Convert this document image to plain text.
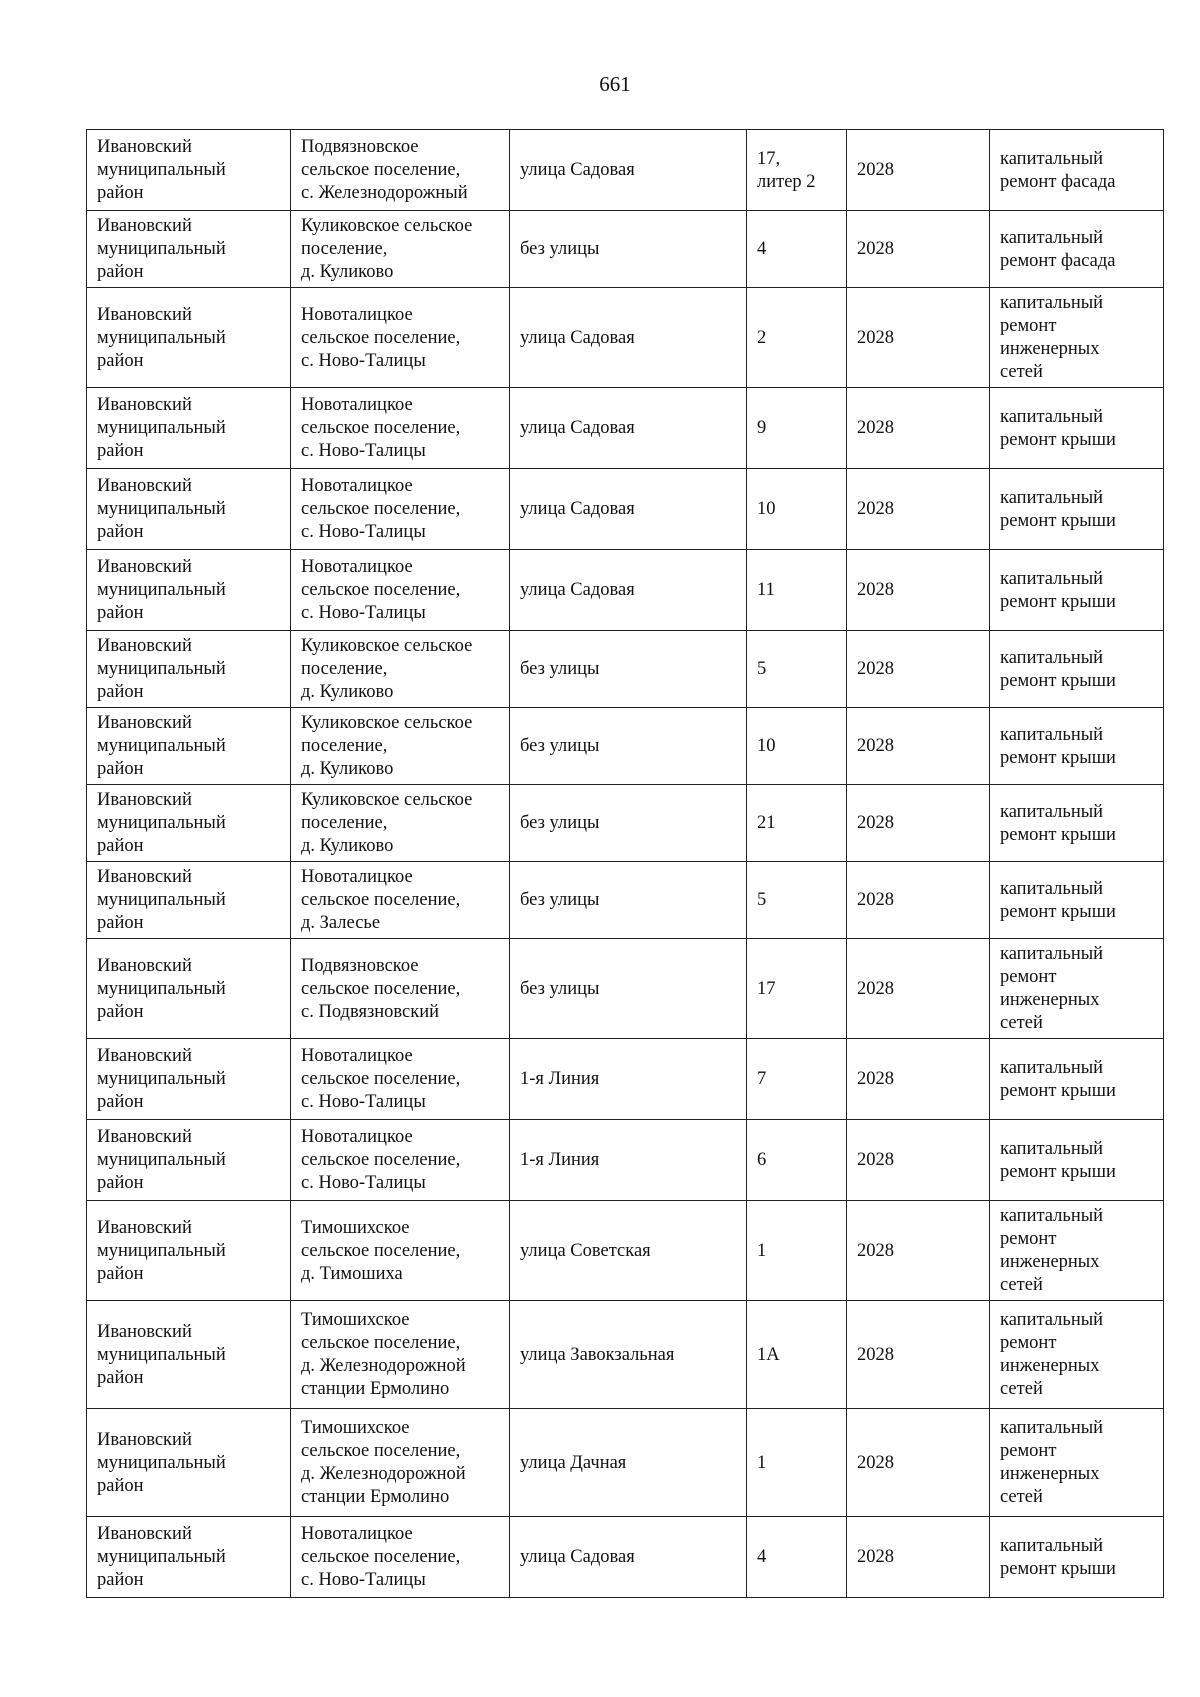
661
Ивановский
муниципальный
район	Подвязновское
сельское поселение,
с. Железнодорожный	улица Садовая	17,
литер 2	2028	капитальный
ремонт фасада

Ивановский
муниципальный
район	Куликовское сельское
поселение,
д. Куликово	без улицы	4	2028	капитальный
ремонт фасада

Ивановский
муниципальный
район	Новоталицкое
сельское поселение,
с. Ново-Талицы	улица Садовая	2	2028	капитальный
ремонт
инженерных
сетей

Ивановский
муниципальный
район	Новоталицкое
сельское поселение,
с. Ново-Талицы	улица Садовая	9	2028	капитальный
ремонт крыши

Ивановский
муниципальный
район	Новоталицкое
сельское поселение,
с. Ново-Талицы	улица Садовая	10	2028	капитальный
ремонт крыши

Ивановский
муниципальный
район	Новоталицкое
сельское поселение,
с. Ново-Талицы	улица Садовая	11	2028	капитальный
ремонт крыши

Ивановский
муниципальный
район	Куликовское сельское
поселение,
д. Куликово	без улицы	5	2028	капитальный
ремонт крыши

Ивановский
муниципальный
район	Куликовское сельское
поселение,
д. Куликово	без улицы	10	2028	капитальный
ремонт крыши

Ивановский
муниципальный
район	Куликовское сельское
поселение,
д. Куликово	без улицы	21	2028	капитальный
ремонт крыши

Ивановский
муниципальный
район	Новоталицкое
сельское поселение,
д. Залесье	без улицы	5	2028	капитальный
ремонт крыши

Ивановский
муниципальный
район	Подвязновское
сельское поселение,
с. Подвязновский	без улицы	17	2028	капитальный
ремонт
инженерных
сетей

Ивановский
муниципальный
район	Новоталицкое
сельское поселение,
с. Ново-Талицы	1-я Линия	7	2028	капитальный
ремонт крыши

Ивановский
муниципальный
район	Новоталицкое
сельское поселение,
с. Ново-Талицы	1-я Линия	6	2028	капитальный
ремонт крыши

Ивановский
муниципальный
район	Тимошихское
сельское поселение,
д. Тимошиха	улица Советская	1	2028	капитальный
ремонт
инженерных
сетей

Ивановский
муниципальный
район	Тимошихское
сельское поселение,
д. Железнодорожной
станции Ермолино	улица Завокзальная	1А	2028	капитальный
ремонт
инженерных
сетей

Ивановский
муниципальный
район	Тимошихское
сельское поселение,
д. Железнодорожной
станции Ермолино	улица Дачная	1	2028	капитальный
ремонт
инженерных
сетей

Ивановский
муниципальный
район	Новоталицкое
сельское поселение,
с. Ново-Талицы	улица Садовая	4	2028	капитальный
ремонт крыши
